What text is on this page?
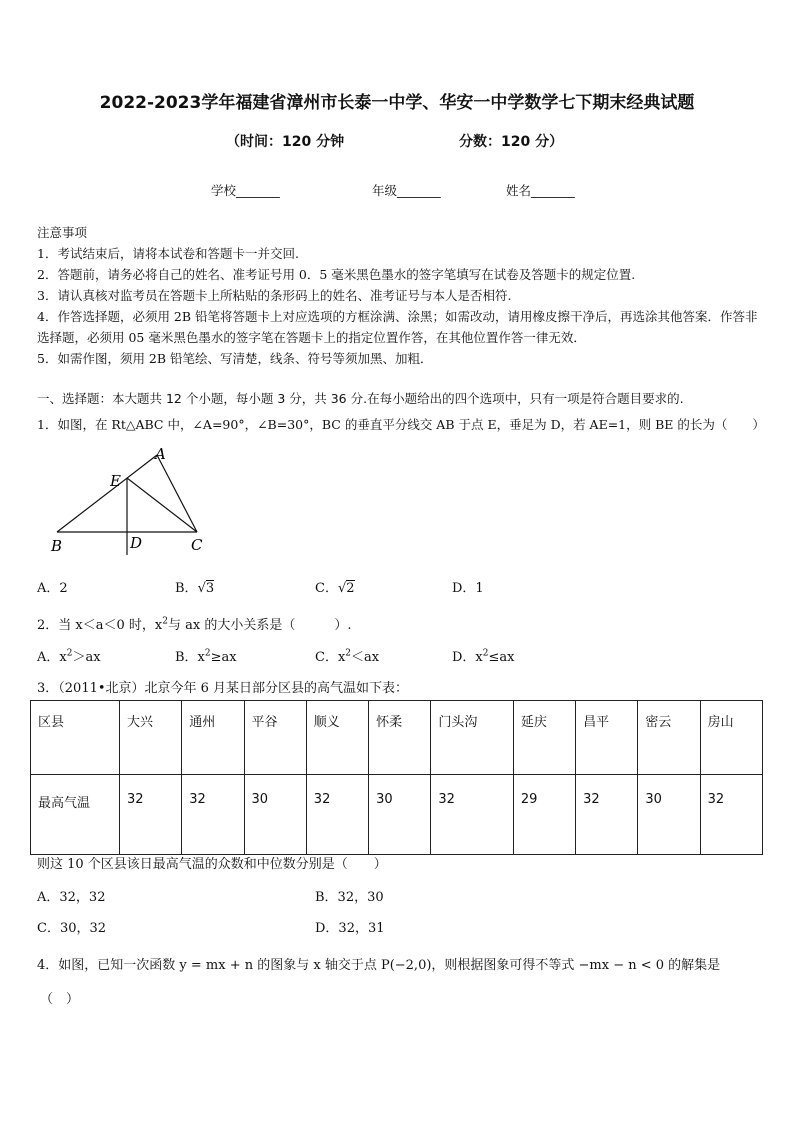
2022-2023学年福建省漳州市长泰一中学、华安一中学数学七下期末经典试题
（时间：120 分钟	分数：120 分）
学校_______	年级_______	姓名_______

注意事项

1．考试结束后，请将本试卷和答题卡一并交回.

2．答题前，请务必将自己的姓名、准考证号用 0．5 毫米黑色墨水的签字笔填写在试卷及答题卡的规定位置.

3．请认真核对监考员在答题卡上所粘贴的条形码上的姓名、准考证号与本人是否相符.

4．作答选择题，必须用 2B 铅笔将答题卡上对应选项的方框涂满、涂黑；如需改动，请用橡皮擦干净后，再选涂其他答案．作答非选择题，必须用 05 毫米黑色墨水的签字笔在答题卡上的指定位置作答，在其他位置作答一律无效．

5．如需作图，须用 2B 铅笔绘、写清楚，线条、符号等须加黑、加粗．

一、选择题：本大题共 12 个小题，每小题 3 分，共 36 分.在每小题给出的四个选项中，只有一项是符合题目要求的.
1．如图，在 Rt△ABC 中，∠A=90°，∠B=30°，BC 的垂直平分线交 AB 于点 E，垂足为 D，若 AE=1，则 BE 的长为（　　）
A
E
B	D	C
A．2	B．√3	C．√2	D．1
2．当 x＜a＜0 时，$x^2$与 ax 的大小关系是（　　　）.
A．$x^2>ax$	B．$x^2\ge ax$	C．$x^2<ax$	D．$x^2\le ax$
3．（2011•北京）北京今年 6 月某日部分区县的高气温如下表：
区县	大兴	通州	平谷	顺义	怀柔	门头沟	延庆	昌平	密云	房山
最高气温	32	32	30	32	30	32	29	32	30	32
则这 10 个区县该日最高气温的众数和中位数分别是（　　）
A．32，32	B．32，30
C．30，32	D．32，31
4．如图，已知一次函数 y = mx + n 的图象与 x 轴交于点 P(−2,0)，则根据图象可得不等式 −mx − n < 0 的解集是
（　）
